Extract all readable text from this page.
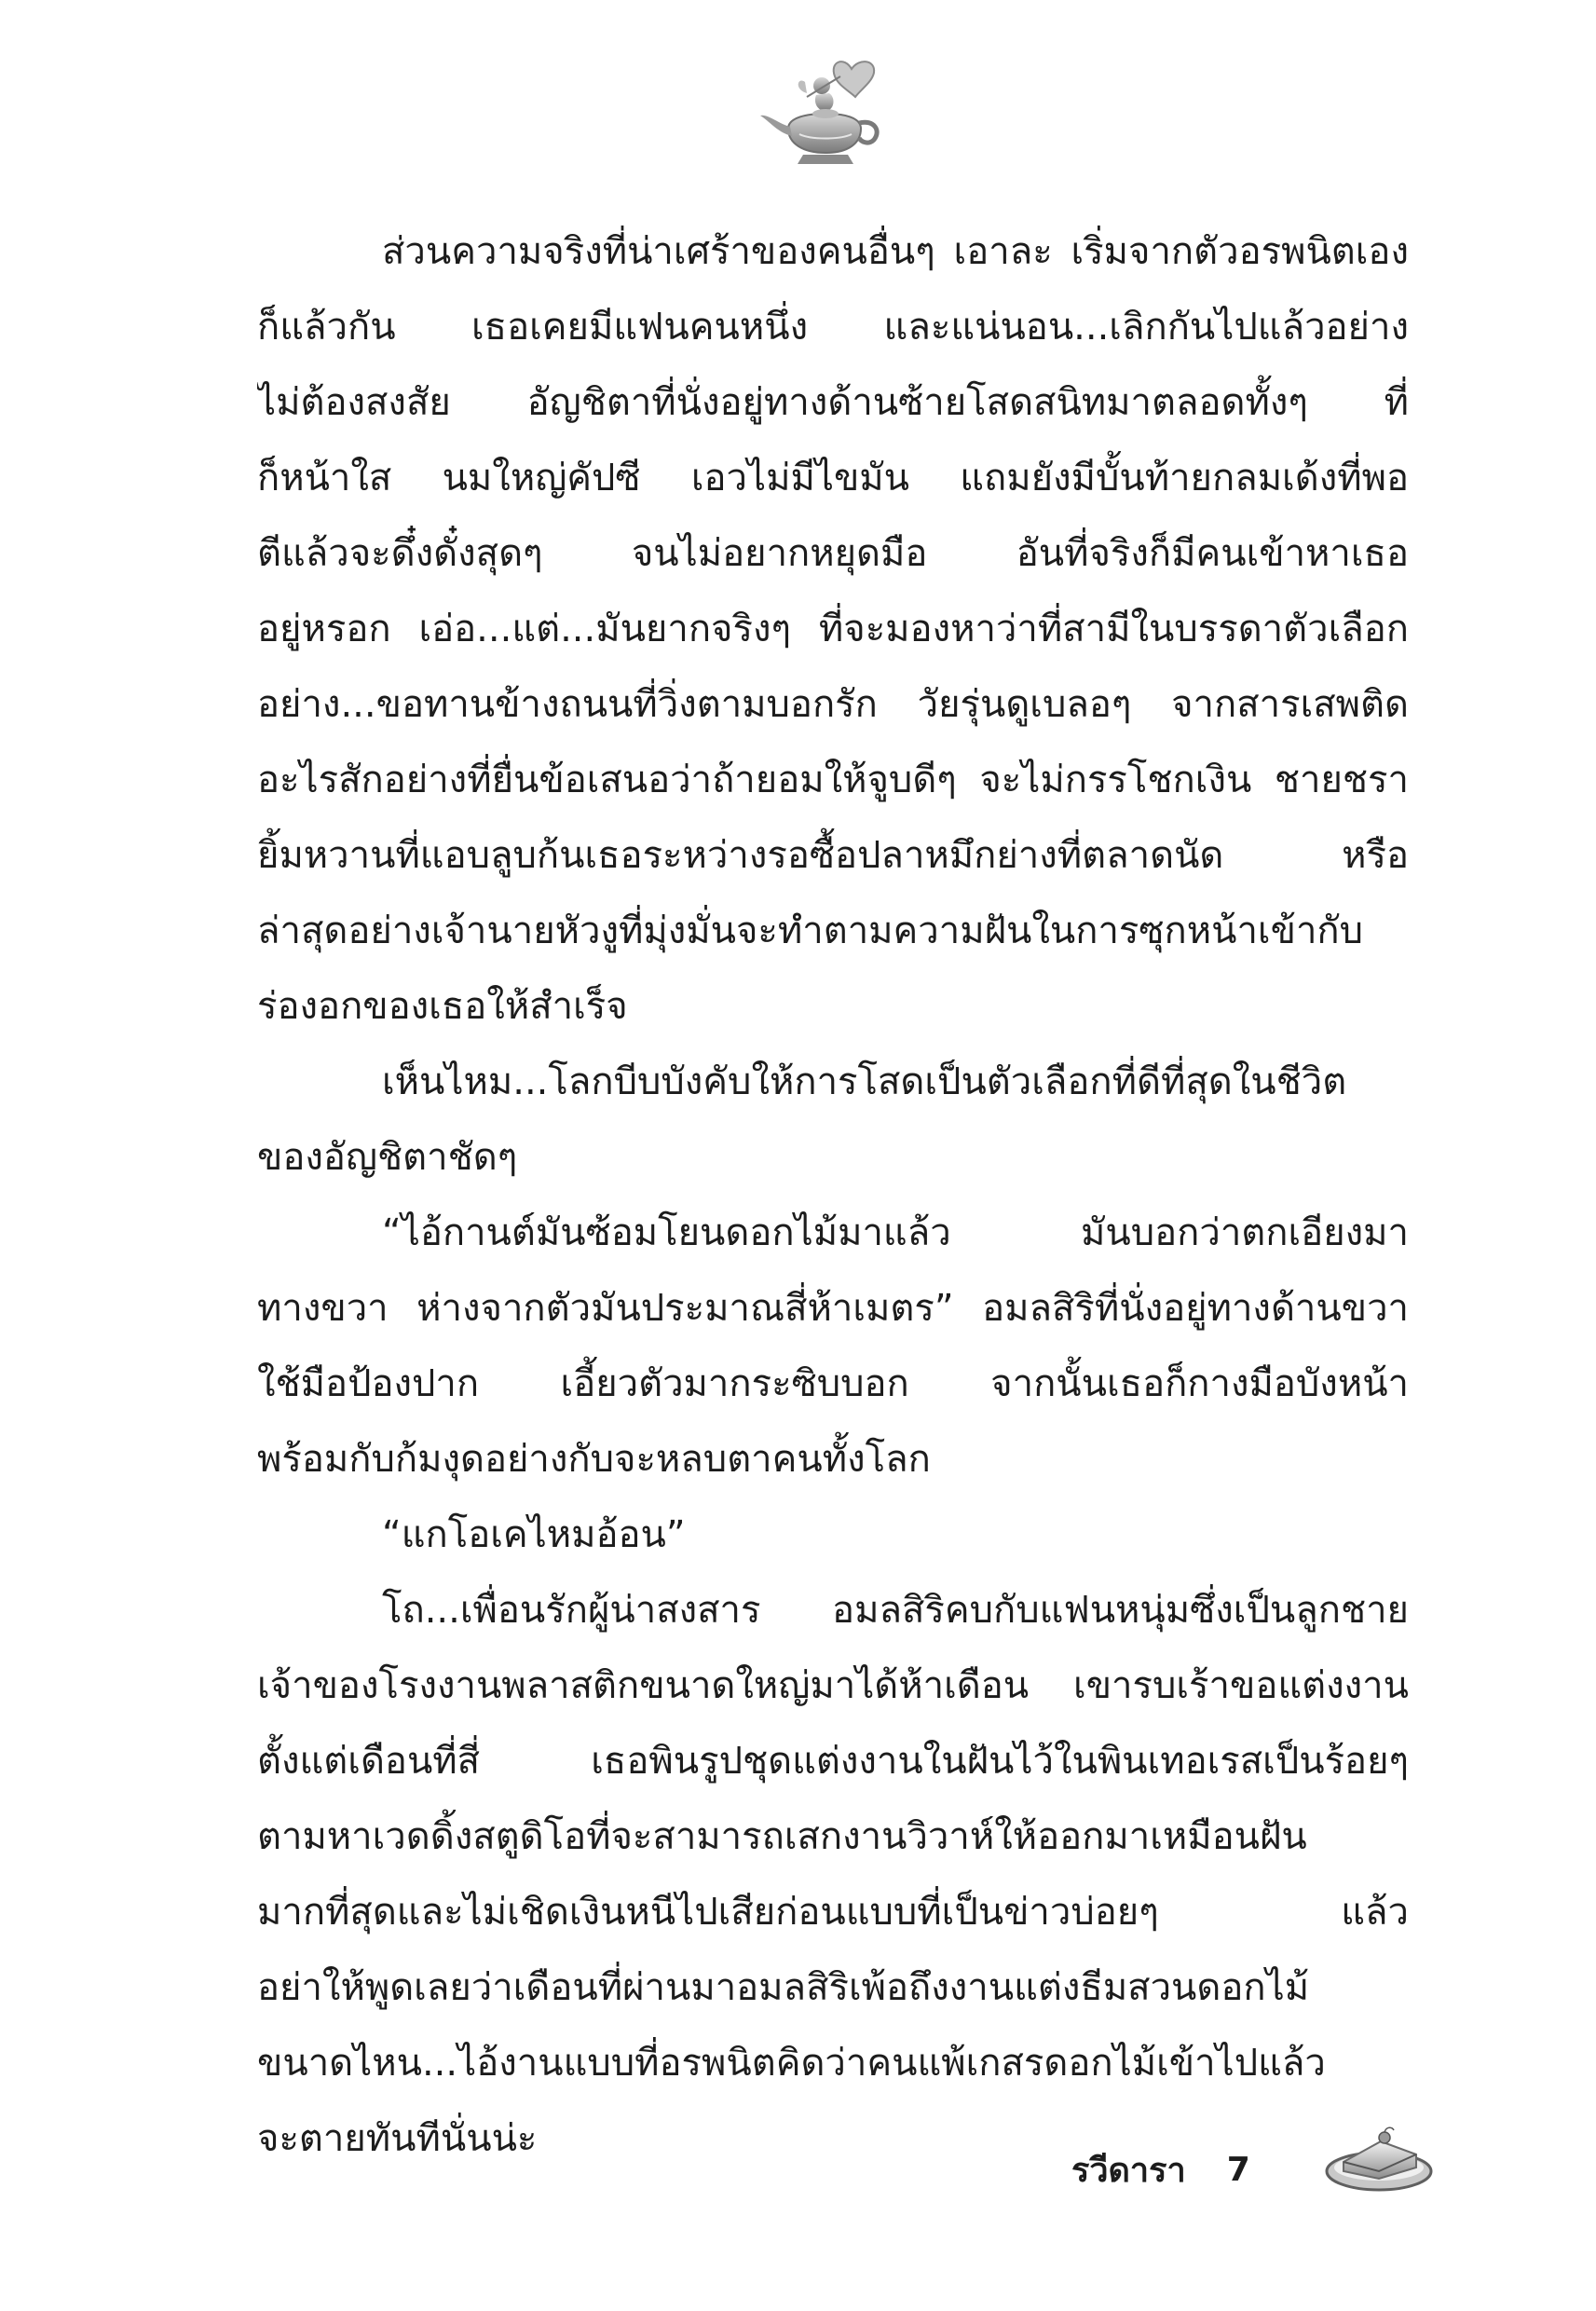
ส่วนความจริงที่น่าเศร้าของคนอื่นๆ เอาละ เริ่มจากตัวอรพนิตเอง
ก็แล้วกัน เธอเคยมีแฟนคนหนึ่ง และแน่นอน...เลิกกันไปแล้วอย่าง
ไม่ต้องสงสัย อัญชิตาที่นั่งอยู่ทางด้านซ้ายโสดสนิทมาตลอดทั้งๆ ที่
ก็หน้าใส นมใหญ่คัปซี เอวไม่มีไขมัน แถมยังมีบั้นท้ายกลมเด้งที่พอ
ตีแล้วจะดึ๋งดั๋งสุดๆ จนไม่อยากหยุดมือ อันที่จริงก็มีคนเข้าหาเธอ
อยู่หรอก เอ่อ...แต่...มันยากจริงๆ ที่จะมองหาว่าที่สามีในบรรดาตัวเลือก
อย่าง...ขอทานข้างถนนที่วิ่งตามบอกรัก วัยรุ่นดูเบลอๆ จากสารเสพติด
อะไรสักอย่างที่ยื่นข้อเสนอว่าถ้ายอมให้จูบดีๆ จะไม่กรรโชกเงิน ชายชรา
ยิ้มหวานที่แอบลูบก้นเธอระหว่างรอซื้อปลาหมึกย่างที่ตลาดนัด หรือ
ล่าสุดอย่างเจ้านายหัวงูที่มุ่งมั่นจะทำตามความฝันในการซุกหน้าเข้ากับ
ร่องอกของเธอให้สำเร็จ
เห็นไหม...โลกบีบบังคับให้การโสดเป็นตัวเลือกที่ดีที่สุดในชีวิต
ของอัญชิตาชัดๆ
“ไอ้กานต์มันซ้อมโยนดอกไม้มาแล้ว มันบอกว่าตกเอียงมา
ทางขวา ห่างจากตัวมันประมาณสี่ห้าเมตร” อมลสิริที่นั่งอยู่ทางด้านขวา
ใช้มือป้องปาก เอี้ยวตัวมากระซิบบอก จากนั้นเธอก็กางมือบังหน้า
พร้อมกับก้มงุดอย่างกับจะหลบตาคนทั้งโลก
“แกโอเคไหมอ้อน”
โถ...เพื่อนรักผู้น่าสงสาร อมลสิริคบกับแฟนหนุ่มซึ่งเป็นลูกชาย
เจ้าของโรงงานพลาสติกขนาดใหญ่มาได้ห้าเดือน เขารบเร้าขอแต่งงาน
ตั้งแต่เดือนที่สี่ เธอพินรูปชุดแต่งงานในฝันไว้ในพินเทอเรสเป็นร้อยๆ
ตามหาเวดดิ้งสตูดิโอที่จะสามารถเสกงานวิวาห์ให้ออกมาเหมือนฝัน
มากที่สุดและไม่เชิดเงินหนีไปเสียก่อนแบบที่เป็นข่าวบ่อยๆ แล้ว
อย่าให้พูดเลยว่าเดือนที่ผ่านมาอมลสิริเพ้อถึงงานแต่งธีมสวนดอกไม้
ขนาดไหน...ไอ้งานแบบที่อรพนิตคิดว่าคนแพ้เกสรดอกไม้เข้าไปแล้ว
จะตายทันทีนั่นน่ะ
รวีดารา 7
